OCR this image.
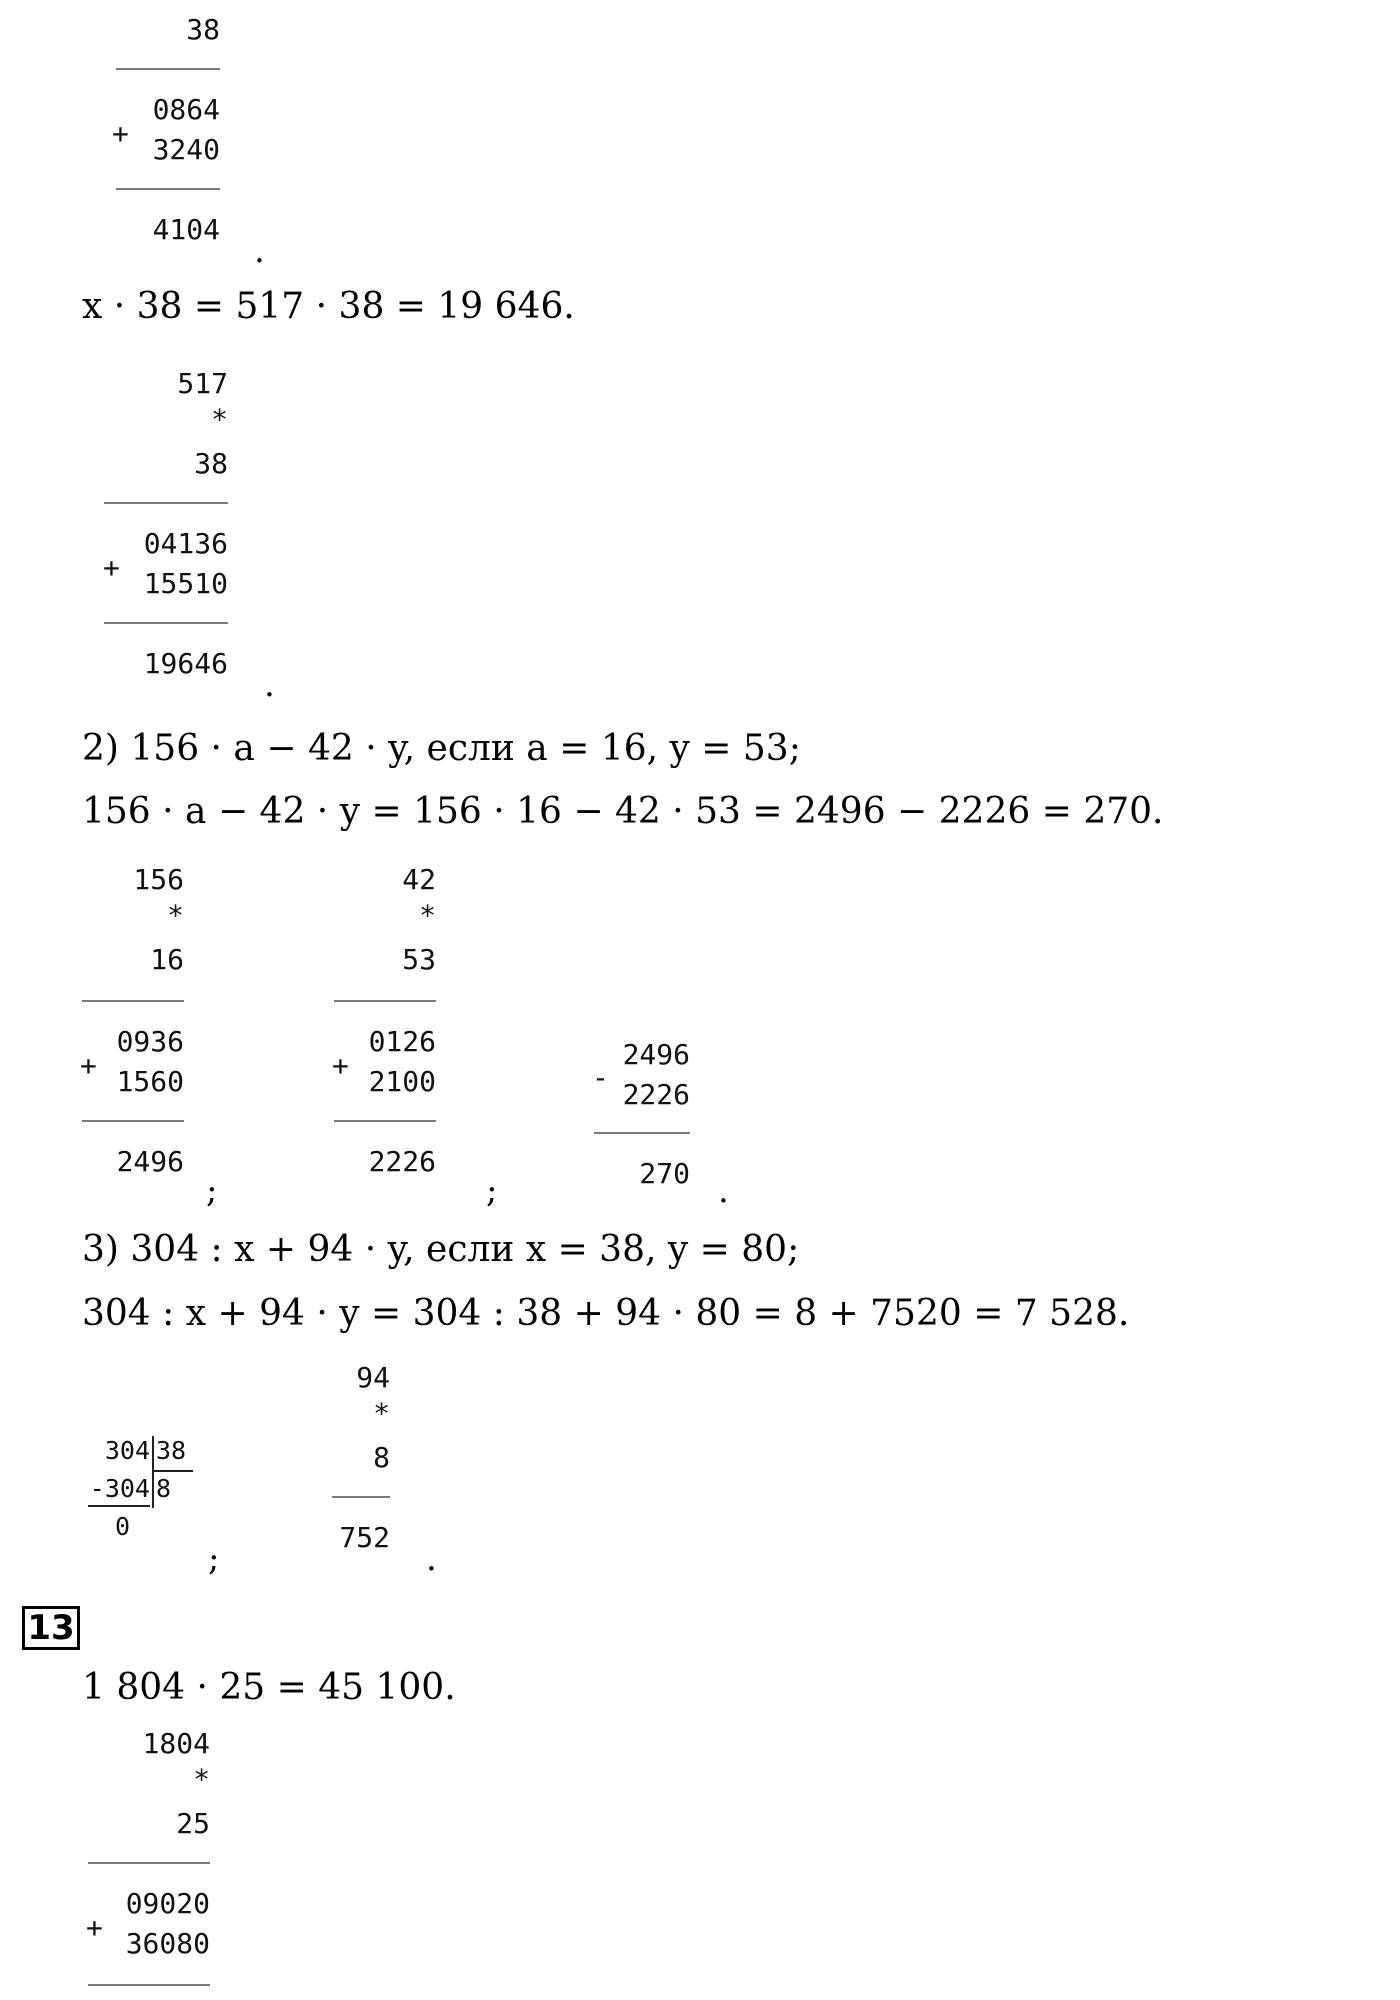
38
+
0864
3240
4104
.
x · 38 = 517 · 38 = 19 646.
517
*
38
+
04136
15510
19646
.
2) 156 · a − 42 · y, если a = 16, y = 53;
156 · a − 42 · y = 156 · 16 − 42 · 53 = 2496 − 2226 = 270.
156
*
16
+
0936
1560
2496
;
42
*
53
+
0126
2100
2226
;
-
2496
2226
270 .
3) 304 : x + 94 · y, если x = 38, y = 80;
304 : x + 94 · y = 304 : 38 + 94 · 80 = 8 + 7520 = 7 528.
304 38
-304 8
0
;
94
*
8
752
.
13
1 804 · 25 = 45 100.
1804
*
25
+
09020
36080
